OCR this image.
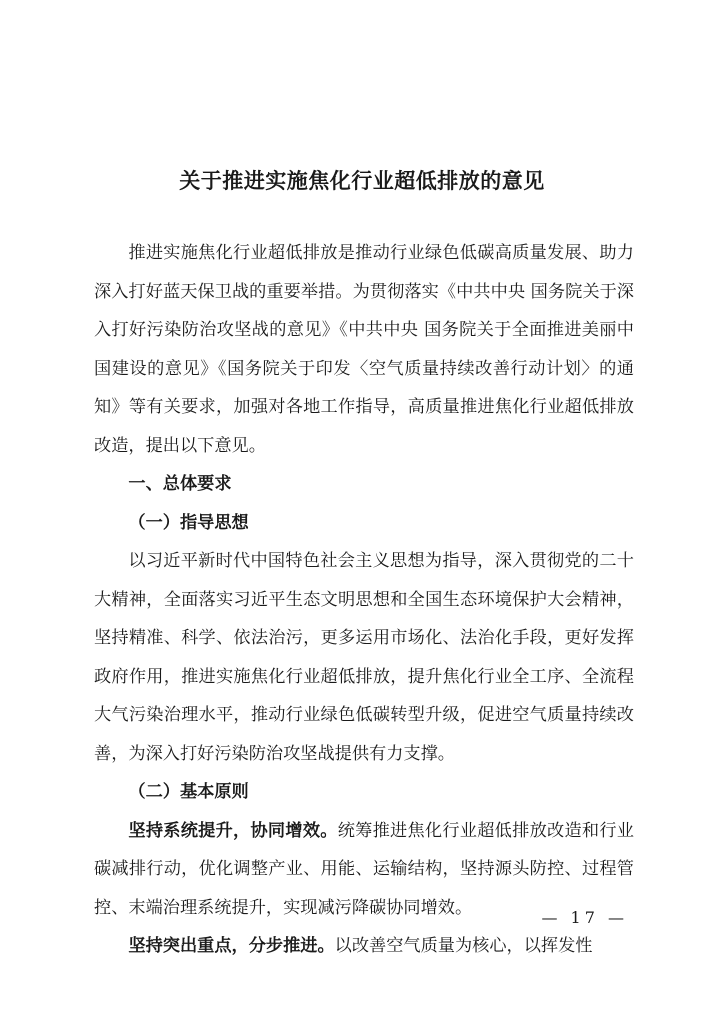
关于推进实施焦化行业超低排放的意见

推进实施焦化行业超低排放是推动行业绿色低碳高质量发展、助力深入打好蓝天保卫战的重要举措。为贯彻落实《中共中央 国务院关于深入打好污染防治攻坚战的意见》《中共中央 国务院关于全面推进美丽中国建设的意见》《国务院关于印发〈空气质量持续改善行动计划〉的通知》等有关要求，加强对各地工作指导，高质量推进焦化行业超低排放改造，提出以下意见。

一、总体要求

（一）指导思想

以习近平新时代中国特色社会主义思想为指导，深入贯彻党的二十大精神，全面落实习近平生态文明思想和全国生态环境保护大会精神，坚持精准、科学、依法治污，更多运用市场化、法治化手段，更好发挥政府作用，推进实施焦化行业超低排放，提升焦化行业全工序、全流程大气污染治理水平，推动行业绿色低碳转型升级，促进空气质量持续改善，为深入打好污染防治攻坚战提供有力支撑。

（二）基本原则

坚持系统提升，协同增效。统筹推进焦化行业超低排放改造和行业碳减排行动，优化调整产业、用能、运输结构，坚持源头防控、过程管控、末端治理系统提升，实现减污降碳协同增效。

坚持突出重点，分步推进。以改善空气质量为核心，以挥发性

— 17 —
